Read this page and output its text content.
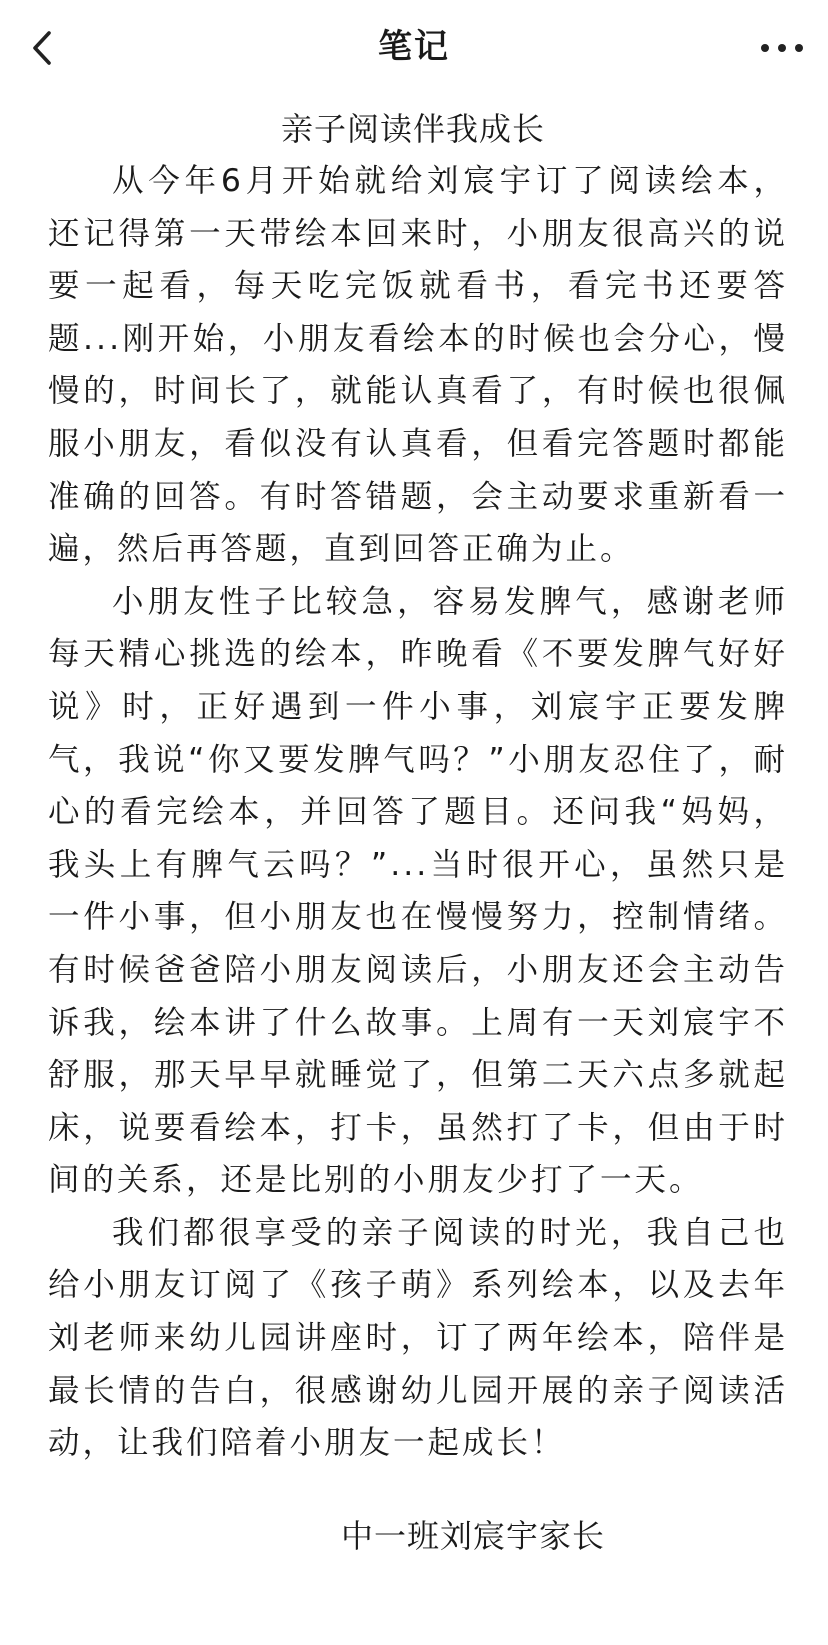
笔记
亲子阅读伴我成长

从今年6月开始就给刘宸宇订了阅读绘本，还记得第一天带绘本回来时，小朋友很高兴的说要一起看，每天吃完饭就看书，看完书还要答题...刚开始，小朋友看绘本的时候也会分心，慢慢的，时间长了，就能认真看了，有时候也很佩服小朋友，看似没有认真看，但看完答题时都能准确的回答。有时答错题，会主动要求重新看一遍，然后再答题，直到回答正确为止。

小朋友性子比较急，容易发脾气，感谢老师每天精心挑选的绘本，昨晚看《不要发脾气好好说》时，正好遇到一件小事，刘宸宇正要发脾气，我说“你又要发脾气吗？”小朋友忍住了，耐心的看完绘本，并回答了题目。还问我“妈妈，我头上有脾气云吗？”...当时很开心，虽然只是一件小事，但小朋友也在慢慢努力，控制情绪。有时候爸爸陪小朋友阅读后，小朋友还会主动告诉我，绘本讲了什么故事。上周有一天刘宸宇不舒服，那天早早就睡觉了，但第二天六点多就起床，说要看绘本，打卡，虽然打了卡，但由于时间的关系，还是比别的小朋友少打了一天。

我们都很享受的亲子阅读的时光，我自己也给小朋友订阅了《孩子萌》系列绘本，以及去年刘老师来幼儿园讲座时，订了两年绘本，陪伴是最长情的告白，很感谢幼儿园开展的亲子阅读活动，让我们陪着小朋友一起成长！

中一班刘宸宇家长
